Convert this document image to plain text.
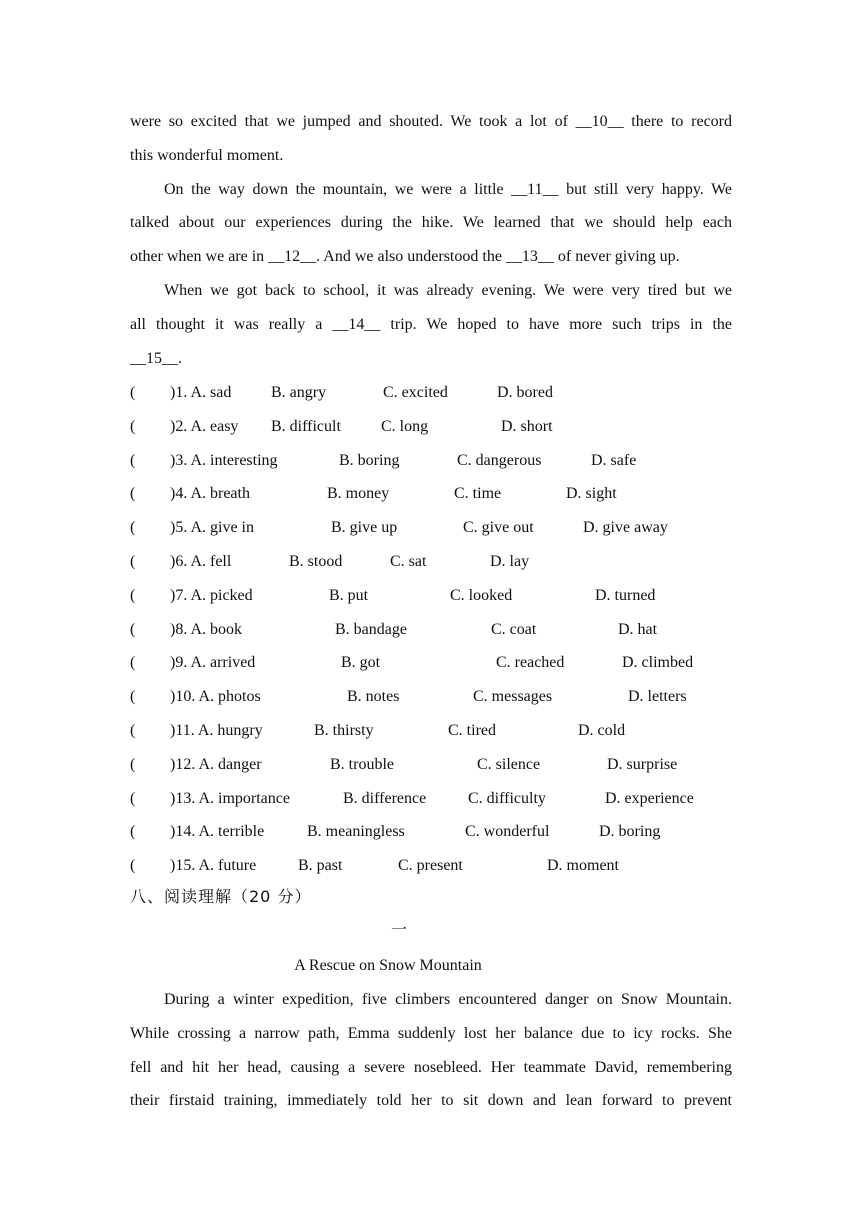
were so excited that we jumped and shouted. We took a lot of __10__ there to record
this wonderful moment.
On the way down the mountain, we were a little __11__ but still very happy. We
talked about our experiences during the hike. We learned that we should help each
other when we are in __12__. And we also understood the __13__ of never giving up.
When we got back to school, it was already evening. We were very tired but we
all thought it was really a __14__ trip. We hoped to have more such trips in the
__15__.
( )1. A. sad B. angry	C. excited	D. bored
( )2. A. easy B. difficult	C. long	D. short
( )3. A. interesting	B. boring	C. dangerous	D. safe
( )4. A. breath	B. money	C. time	D. sight
( )5. A. give in	B. give up	C. give out	D. give away
( )6. A. fell	B. stood	C. sat	D. lay
( )7. A. picked	B. put	C. looked	D. turned
( )8. A. book	B. bandage	C. coat	D. hat
( )9. A. arrived	B. got	C. reached	D. climbed
( )10. A. photos	B. notes	C. messages	D. letters
( )11. A. hungry	B. thirsty	C. tired	D. cold
( )12. A. danger	B. trouble	C. silence	D. surprise
( )13. A. importance	B. difference	C. difficulty	D. experience
( )14. A. terrible	B. meaningless	C. wonderful	D. boring
( )15. A. future	B. past	C. present	D. moment
八、阅读理解（20 分）
一
A Rescue on Snow Mountain
During a winter expedition, five climbers encountered danger on Snow Mountain.
While crossing a narrow path, Emma suddenly lost her balance due to icy rocks. She
fell and hit her head, causing a severe nosebleed. Her teammate David, remembering
their firstaid training, immediately told her to sit down and lean forward to prevent
